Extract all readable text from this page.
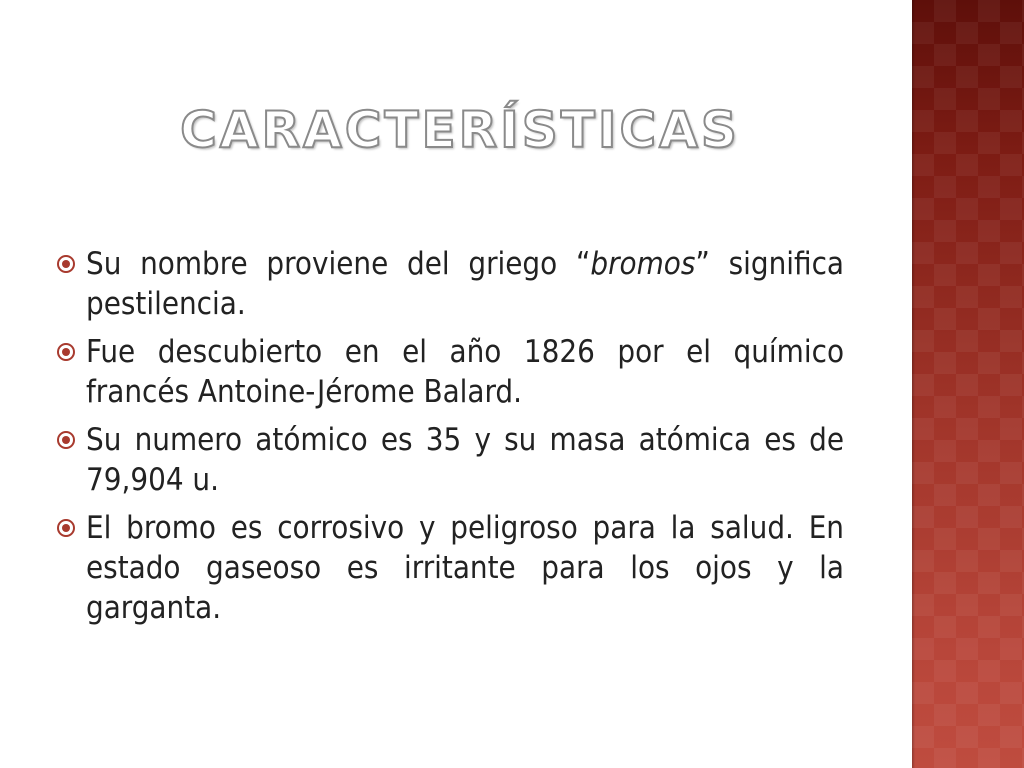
CARACTERÍSTICAS
Su nombre proviene del griego “bromos” significa pestilencia.
Fue descubierto en el año 1826 por el químico francés Antoine-Jérome Balard.
Su numero atómico es 35 y su masa atómica es de 79,904 u.
El bromo es corrosivo y peligroso para la salud. En estado gaseoso es irritante para los ojos y la garganta.
